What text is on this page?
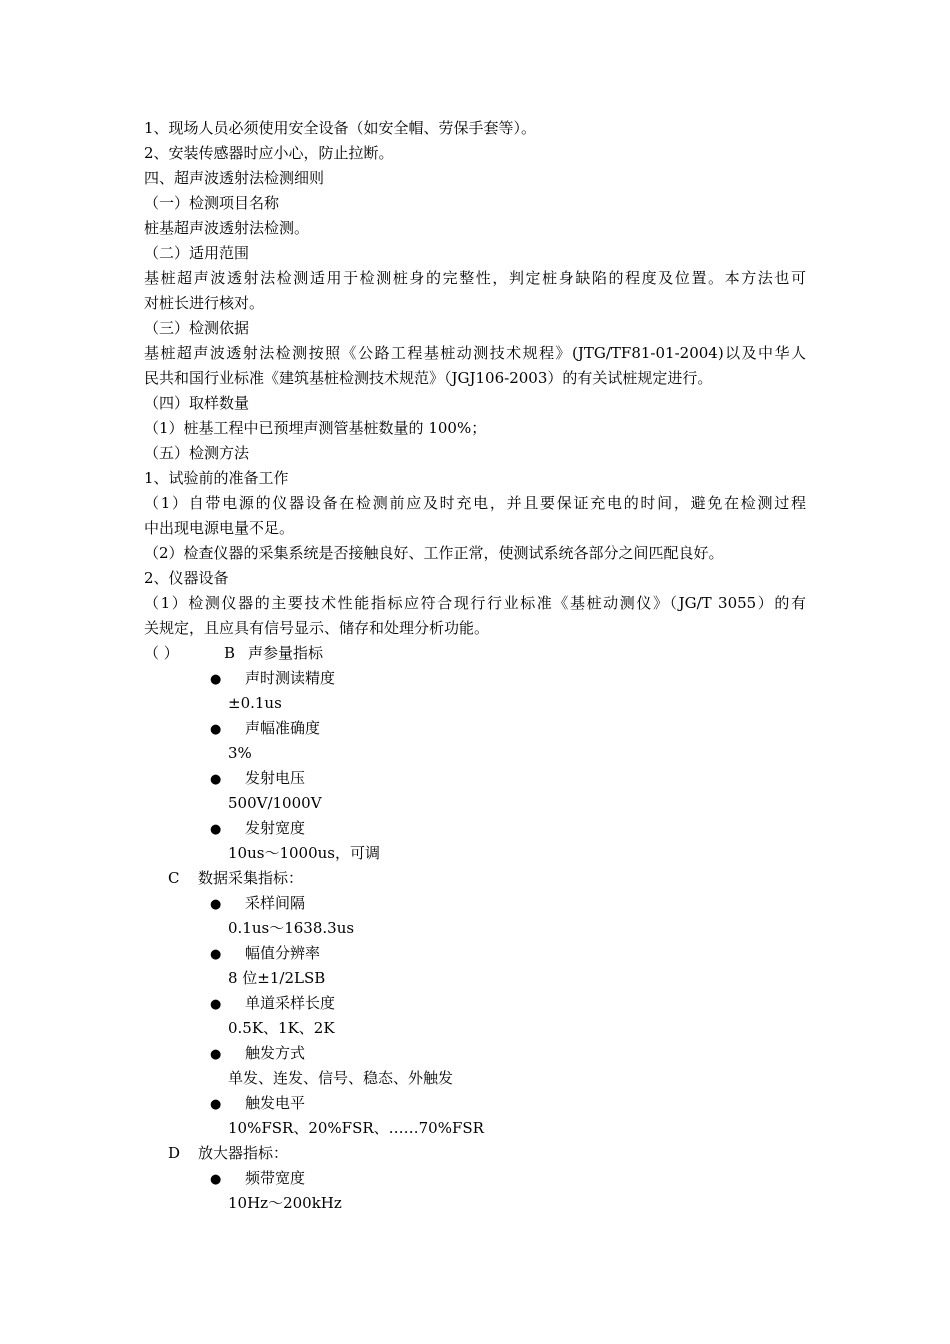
1、现场人员必须使用安全设备（如安全帽、劳保手套等）。
2、安装传感器时应小心，防止拉断。
四、超声波透射法检测细则
（一）检测项目名称
桩基超声波透射法检测。
（二）适用范围
基桩超声波透射法检测适用于检测桩身的完整性，判定桩身缺陷的程度及位置。本方法也可
对桩长进行核对。
（三）检测依据
基桩超声波透射法检测按照《公路工程基桩动测技术规程》(JTG/TF81-01-2004)以及中华人
民共和国行业标准《建筑基桩检测技术规范》（JGJ106-2003）的有关试桩规定进行。
（四）取样数量
（1）桩基工程中已预埋声测管基桩数量的 100%；
（五）检测方法
1、试验前的准备工作
（1）自带电源的仪器设备在检测前应及时充电，并且要保证充电的时间，避免在检测过程
中出现电源电量不足。
（2）检查仪器的采集系统是否接触良好、工作正常，使测试系统各部分之间匹配良好。
2、仪器设备
（1）检测仪器的主要技术性能指标应符合现行行业标准《基桩动测仪》（JG/T 3055）的有
关规定，且应具有信号显示、储存和处理分析功能。
（ ）	B 声参量指标
● 声时测读精度
±0.1us
● 声幅准确度
3%
● 发射电压
500V/1000V
● 发射宽度
10us～1000us，可调
C 数据采集指标：
● 采样间隔
0.1us～1638.3us
● 幅值分辨率
8 位±1/2LSB
● 单道采样长度
0.5K、1K、2K
● 触发方式
单发、连发、信号、稳态、外触发
● 触发电平
10%FSR、20%FSR、……70%FSR
D 放大器指标：
● 频带宽度
10Hz～200kHz
